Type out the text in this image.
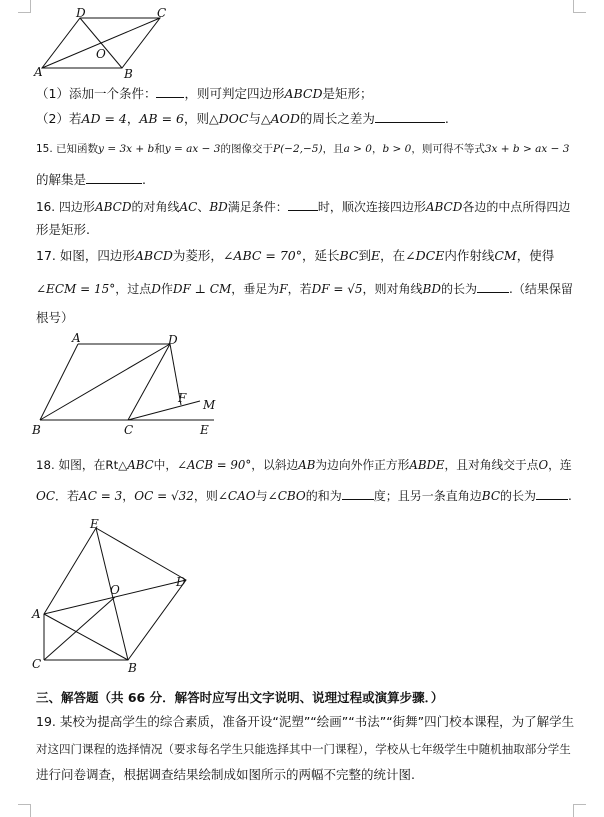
A	B
C
D
O
（1）添加一个条件： ，则可判定四边形ABCD是矩形；
（2）若AD = 4，AB = 6，则△DOC与△AOD的周长之差为	.
15. 已知函数y = 3x + b和y = ax − 3的图像交于P(−2,−5)，且a > 0，b > 0，则可得不等式3x + b > ax − 3
的解集是	.
16. 四边形ABCD的对角线AC、BD满足条件：	时，顺次连接四边形ABCD各边的中点所得四边
形是矩形.
17. 如图，四边形ABCD为菱形，∠ABC = 70°，延长BC到E，在∠DCE内作射线CM，使得
∠ECM = 15°，过点D作DF ⊥ CM，垂足为F，若DF = √5，则对角线BD的长为	.（结果保留
根号）
A
B	C
D
E
F M
18. 如图，在Rt△ABC中，∠ACB = 90°，以斜边AB为边向外作正方形ABDE，且对角线交于点O，连
OC．若AC = 3，OC = √32，则∠CAO与∠CBO的和为	度；且另一条直角边BC的长为	.
A
B
C
D
E
O
三、解答题（共 66 分．解答时应写出文字说明、说理过程或演算步骤．）
19. 某校为提高学生的综合素质，准备开设“泥塑”“绘画”“书法”“街舞”四门校本课程，为了解学生
对这四门课程的选择情况（要求每名学生只能选择其中一门课程），学校从七年级学生中随机抽取部分学生
进行问卷调查，根据调查结果绘制成如图所示的两幅不完整的统计图.
